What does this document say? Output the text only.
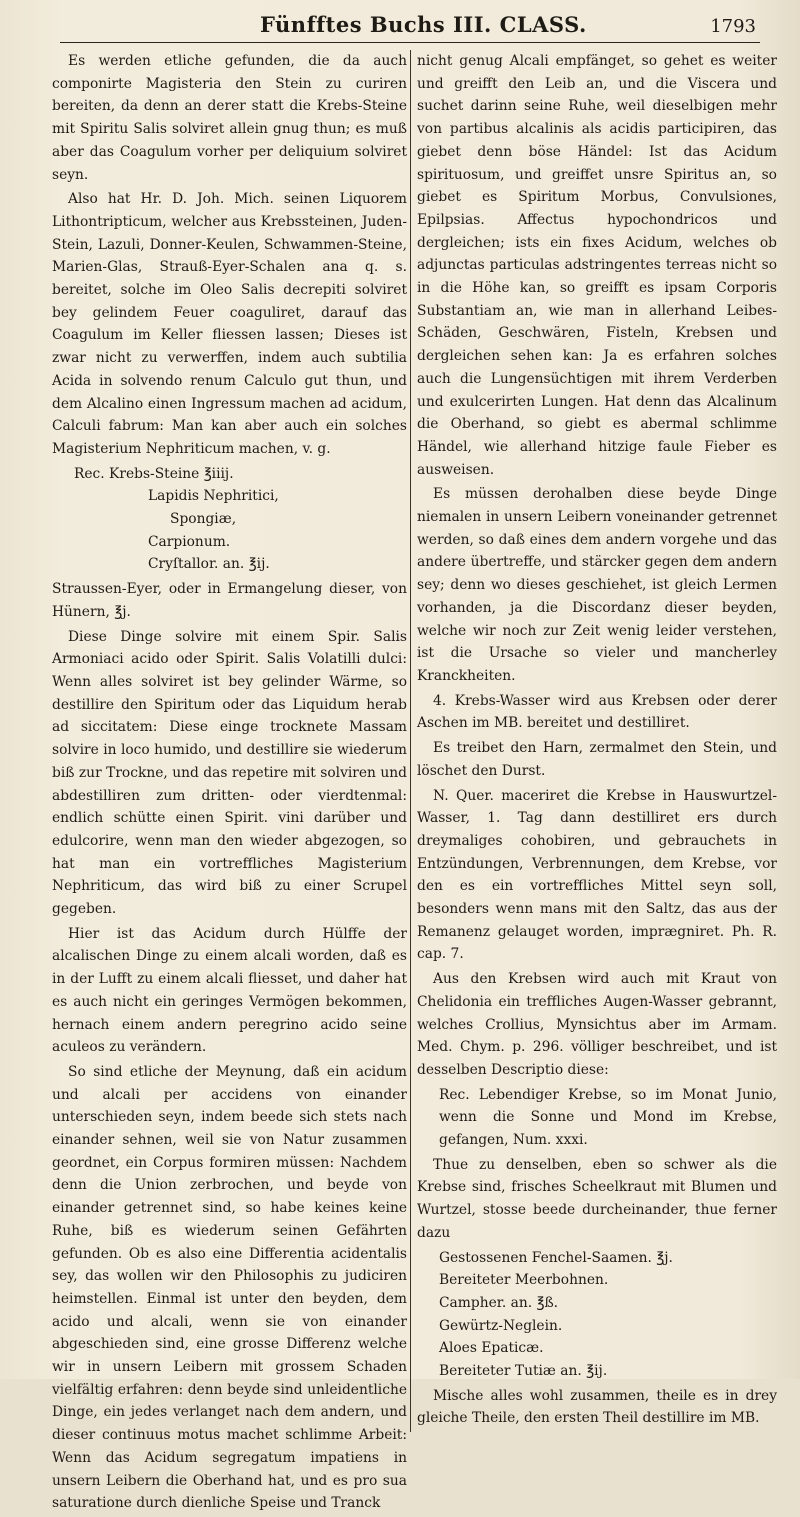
Fünfftes Buchs III. CLASS.	1793

Es werden etliche gefunden, die da auch componirte Magisteria den Stein zu curiren bereiten, da denn an derer statt die Krebs-Steine mit Spiritu Salis solviret allein gnug thun; es muß aber das Coagulum vorher per deliquium solviret seyn.

Also hat Hr. D. Joh. Mich. seinen Liquorem Lithontripticum, welcher aus Krebssteinen, Juden-Stein, Lazuli, Donner-Keulen, Schwammen-Steine, Marien-Glas, Strauß-Eyer-Schalen ana q. s. bereitet, solche im Oleo Salis decrepiti solviret bey gelindem Feuer coaguliret, darauf das Coagulum im Keller fliessen lassen; Dieses ist zwar nicht zu verwerffen, indem auch subtilia Acida in solvendo renum Calculo gut thun, und dem Alcalino einen Ingressum machen ad acidum, Calculi fabrum: Man kan aber auch ein solches Magisterium Nephriticum machen, v. g.

Rec. Krebs-Steine ℥iiij.
Lapidis Nephritici,
Spongiæ,
Carpionum.
Cryſtallor. an. ℥ij.

Straussen-Eyer, oder in Ermangelung dieser, von Hünern, ℥j.

Diese Dinge solvire mit einem Spir. Salis Armoniaci acido oder Spirit. Salis Volatilli dulci: Wenn alles solviret ist bey gelinder Wärme, so destillire den Spiritum oder das Liquidum herab ad siccitatem: Diese einge trocknete Massam solvire in loco humido, und destillire sie wiederum biß zur Trockne, und das repetire mit solviren und abdestilliren zum dritten- oder vierdtenmal: endlich schütte einen Spirit. vini darüber und edulcorire, wenn man den wieder abgezogen, so hat man ein vortreffliches Magisterium Nephriticum, das wird biß zu einer Scrupel gegeben.

Hier ist das Acidum durch Hülffe der alcalischen Dinge zu einem alcali worden, daß es in der Lufft zu einem alcali fliesset, und daher hat es auch nicht ein geringes Vermögen bekommen, hernach einem andern peregrino acido seine aculeos zu verändern.

So sind etliche der Meynung, daß ein acidum und alcali per accidens von einander unterschieden seyn, indem beede sich stets nach einander sehnen, weil sie von Natur zusammen geordnet, ein Corpus formiren müssen: Nachdem denn die Union zerbrochen, und beyde von einander getrennet sind, so habe keines keine Ruhe, biß es wiederum seinen Gefährten gefunden. Ob es also eine Differentia acidentalis sey, das wollen wir den Philosophis zu judiciren heimstellen. Einmal ist unter den beyden, dem acido und alcali, wenn sie von einander abgeschieden sind, eine grosse Differenz welche wir in unsern Leibern mit grossem Schaden vielfältig erfahren: denn beyde sind unleidentliche Dinge, ein jedes verlanget nach dem andern, und dieser continuus motus machet schlimme Arbeit: Wenn das Acidum segregatum impatiens in unsern Leibern die Oberhand hat, und es pro sua saturatione durch dienliche Speise und Tranck

nicht genug Alcali empfänget, so gehet es weiter und greifft den Leib an, und die Viscera und suchet darinn seine Ruhe, weil dieselbigen mehr von partibus alcalinis als acidis participiren, das giebet denn böse Händel: Ist das Acidum spirituosum, und greiffet unsre Spiritus an, so giebet es Spiritum Morbus, Convulsiones, Epilpsias. Affectus hypochondricos und dergleichen; ists ein fixes Acidum, welches ob adjunctas particulas adstringentes terreas nicht so in die Höhe kan, so greifft es ipsam Corporis Substantiam an, wie man in allerhand Leibes-Schäden, Geschwären, Fisteln, Krebsen und dergleichen sehen kan: Ja es erfahren solches auch die Lungensüchtigen mit ihrem Verderben und exulcerirten Lungen. Hat denn das Alcalinum die Oberhand, so giebt es abermal schlimme Händel, wie allerhand hitzige faule Fieber es ausweisen.

Es müssen derohalben diese beyde Dinge niemalen in unsern Leibern voneinander getrennet werden, so daß eines dem andern vorgehe und das andere übertreffe, und stärcker gegen dem andern sey; denn wo dieses geschiehet, ist gleich Lermen vorhanden, ja die Discordanz dieser beyden, welche wir noch zur Zeit wenig leider verstehen, ist die Ursache so vieler und mancherley Kranckheiten.

4. Krebs-Wasser wird aus Krebsen oder derer Aschen im MB. bereitet und destilliret.

Es treibet den Harn, zermalmet den Stein, und löschet den Durst.

N. Quer. maceriret die Krebse in Hauswurtzel-Wasser, 1. Tag dann destilliret ers durch dreymaliges cohobiren, und gebrauchets in Entzündungen, Verbrennungen, dem Krebse, vor den es ein vortreffliches Mittel seyn soll, besonders wenn mans mit den Saltz, das aus der Remanenz gelauget worden, imprægniret. Ph. R. cap. 7.

Aus den Krebsen wird auch mit Kraut von Chelidonia ein treffliches Augen-Wasser gebrannt, welches Crollius, Mynsichtus aber im Armam. Med. Chym. p. 296. völliger beschreibet, und ist desselben Descriptio diese:

Rec. Lebendiger Krebse, so im Monat Junio, wenn die Sonne und Mond im Krebse, gefangen, Num. xxxi.

Thue zu denselben, eben so schwer als die Krebse sind, frisches Scheelkraut mit Blumen und Wurtzel, stosse beede durcheinander, thue ferner dazu

Gestossenen Fenchel-Saamen. ℥j.
Bereiteter Meerbohnen.
Campher. an. ℥ß.
Gewürtz-Neglein.
Aloes Epaticæ.
Bereiteter Tutiæ an. ℥ij.

Mische alles wohl zusammen, theile es in drey gleiche Theile, den ersten Theil destillire im MB.
